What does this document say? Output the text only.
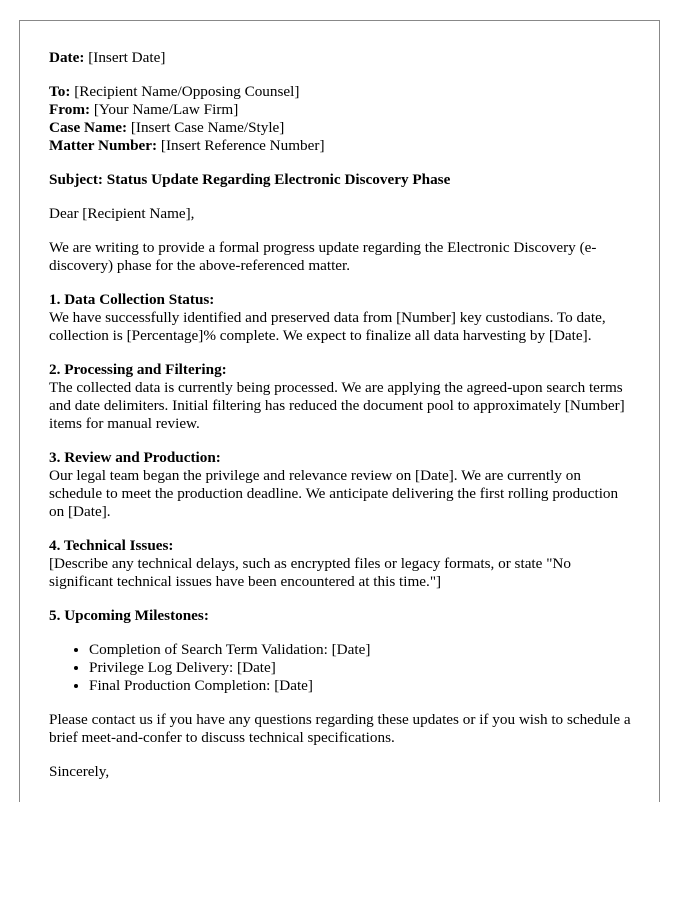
Date: [Insert Date]
To: [Recipient Name/Opposing Counsel]
From: [Your Name/Law Firm]
Case Name: [Insert Case Name/Style]
Matter Number: [Insert Reference Number]
Subject: Status Update Regarding Electronic Discovery Phase
Dear [Recipient Name],
We are writing to provide a formal progress update regarding the Electronic Discovery (e-discovery) phase for the above-referenced matter.
1. Data Collection Status:
We have successfully identified and preserved data from [Number] key custodians. To date, collection is [Percentage]% complete. We expect to finalize all data harvesting by [Date].
2. Processing and Filtering:
The collected data is currently being processed. We are applying the agreed-upon search terms and date delimiters. Initial filtering has reduced the document pool to approximately [Number] items for manual review.
3. Review and Production:
Our legal team began the privilege and relevance review on [Date]. We are currently on schedule to meet the production deadline. We anticipate delivering the first rolling production on [Date].
4. Technical Issues:
[Describe any technical delays, such as encrypted files or legacy formats, or state "No significant technical issues have been encountered at this time."]
5. Upcoming Milestones:
• Completion of Search Term Validation: [Date]
• Privilege Log Delivery: [Date]
• Final Production Completion: [Date]
Please contact us if you have any questions regarding these updates or if you wish to schedule a brief meet-and-confer to discuss technical specifications.
Sincerely,
